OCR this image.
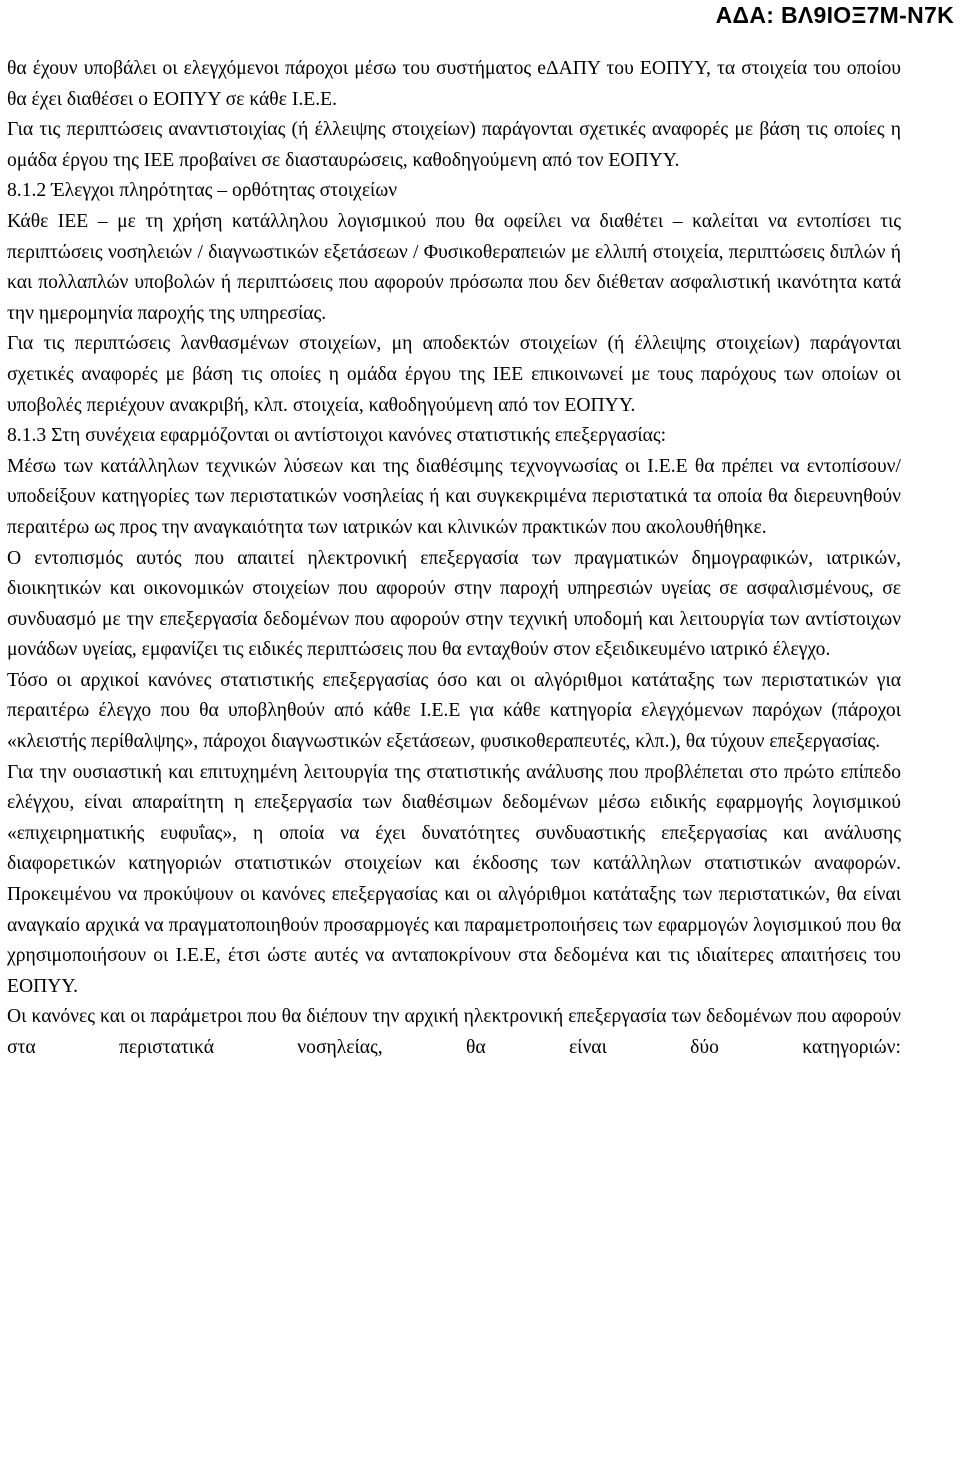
ΑΔΑ: ΒΛ9ΙΟΞ7Μ-Ν7Κ

θα έχουν υποβάλει οι ελεγχόμενοι πάροχοι μέσω του συστήματος eΔΑΠΥ του ΕΟΠΥΥ, τα στοιχεία του οποίου θα έχει διαθέσει ο ΕΟΠΥΥ σε κάθε Ι.Ε.Ε.

Για τις περιπτώσεις αναντιστοιχίας (ή έλλειψης στοιχείων) παράγονται σχετικές αναφορές με βάση τις οποίες η ομάδα έργου της ΙΕΕ προβαίνει σε διασταυρώσεις, καθοδηγούμενη από τον ΕΟΠΥΥ.

8.1.2 Έλεγχοι πληρότητας – ορθότητας στοιχείων

Κάθε ΙΕΕ – με τη χρήση κατάλληλου λογισμικού που θα οφείλει να διαθέτει – καλείται να εντοπίσει τις περιπτώσεις νοσηλειών / διαγνωστικών εξετάσεων / Φυσικοθεραπειών με ελλιπή στοιχεία, περιπτώσεις διπλών ή και πολλαπλών υποβολών ή περιπτώσεις που αφορούν πρόσωπα που δεν διέθεταν ασφαλιστική ικανότητα κατά την ημερομηνία παροχής της υπηρεσίας.

Για τις περιπτώσεις λανθασμένων στοιχείων, μη αποδεκτών στοιχείων (ή έλλειψης στοιχείων) παράγονται σχετικές αναφορές με βάση τις οποίες η ομάδα έργου της ΙΕΕ επικοινωνεί με τους παρόχους των οποίων οι υποβολές περιέχουν ανακριβή, κλπ. στοιχεία, καθοδηγούμενη από τον ΕΟΠΥΥ.

8.1.3 Στη συνέχεια εφαρμόζονται οι αντίστοιχοι κανόνες στατιστικής επεξεργασίας:

Μέσω των κατάλληλων τεχνικών λύσεων και της διαθέσιμης τεχνογνωσίας οι Ι.Ε.Ε θα πρέπει να εντοπίσουν/ υποδείξουν κατηγορίες των περιστατικών νοσηλείας ή και συγκεκριμένα περιστατικά τα οποία θα διερευνηθούν περαιτέρω ως προς την αναγκαιότητα των ιατρικών και κλινικών πρακτικών που ακολουθήθηκε.

Ο εντοπισμός αυτός που απαιτεί ηλεκτρονική επεξεργασία των πραγματικών δημογραφικών, ιατρικών, διοικητικών και οικονομικών στοιχείων που αφορούν στην παροχή υπηρεσιών υγείας σε ασφαλισμένους, σε συνδυασμό με την επεξεργασία δεδομένων που αφορούν στην τεχνική υποδομή και λειτουργία των αντίστοιχων μονάδων υγείας, εμφανίζει τις ειδικές περιπτώσεις που θα ενταχθούν στον εξειδικευμένο ιατρικό έλεγχο.

Τόσο οι αρχικοί κανόνες στατιστικής επεξεργασίας όσο και οι αλγόριθμοι κατάταξης των περιστατικών για περαιτέρω έλεγχο που θα υποβληθούν από κάθε Ι.Ε.Ε για κάθε κατηγορία ελεγχόμενων παρόχων (πάροχοι «κλειστής περίθαλψης», πάροχοι διαγνωστικών εξετάσεων, φυσικοθεραπευτές, κλπ.), θα τύχουν επεξεργασίας.

Για την ουσιαστική και επιτυχημένη λειτουργία της στατιστικής ανάλυσης που προβλέπεται στο πρώτο επίπεδο ελέγχου, είναι απαραίτητη η επεξεργασία των διαθέσιμων δεδομένων μέσω ειδικής εφαρμογής λογισμικού «επιχειρηματικής ευφυΐας», η οποία να έχει δυνατότητες συνδυαστικής επεξεργασίας και ανάλυσης διαφορετικών κατηγοριών στατιστικών στοιχείων και έκδοσης των κατάλληλων στατιστικών αναφορών. Προκειμένου να προκύψουν οι κανόνες επεξεργασίας και οι αλγόριθμοι κατάταξης των περιστατικών, θα είναι αναγκαίο αρχικά να πραγματοποιηθούν προσαρμογές και παραμετροποιήσεις των εφαρμογών λογισμικού που θα χρησιμοποιήσουν οι Ι.Ε.Ε, έτσι ώστε αυτές να ανταποκρίνουν στα δεδομένα και τις ιδιαίτερες απαιτήσεις του ΕΟΠΥΥ.

Οι κανόνες και οι παράμετροι που θα διέπουν την αρχική ηλεκτρονική επεξεργασία των δεδομένων που αφορούν στα περιστατικά νοσηλείας, θα είναι δύο κατηγοριών:
